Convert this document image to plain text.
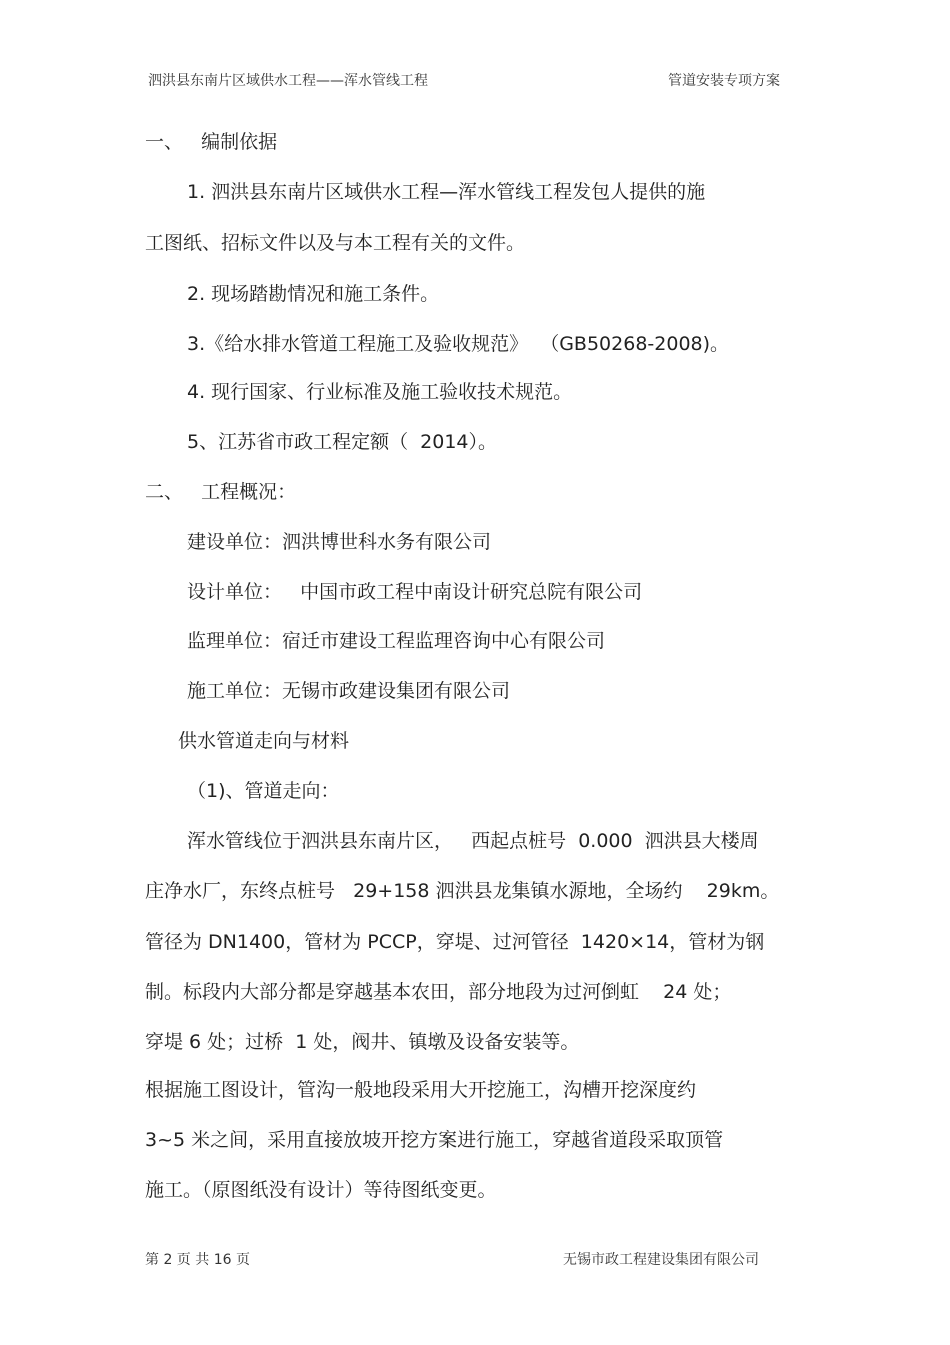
泗洪县东南片区域供水工程——浑水管线工程	管道安装专项方案
一、   编制依据
1. 泗洪县东南片区域供水工程—浑水管线工程发包人提供的施
工图纸、招标文件以及与本工程有关的文件。
2. 现场踏勘情况和施工条件。
3.《给水排水管道工程施工及验收规范》  （GB50268-2008)。
4. 现行国家、行业标准及施工验收技术规范。
5、江苏省市政工程定额（  2014）。
二、   工程概况：
建设单位：泗洪博世科水务有限公司
设计单位：   中国市政工程中南设计研究总院有限公司
监理单位：宿迁市建设工程监理咨询中心有限公司
施工单位：无锡市政建设集团有限公司
供水管道走向与材料
（1)、管道走向：
浑水管线位于泗洪县东南片区，   西起点桩号  0.000  泗洪县大楼周
庄净水厂，东终点桩号   29+158 泗洪县龙集镇水源地，全场约    29km。
管径为 DN1400，管材为 PCCP，穿堤、过河管径  1420×14，管材为钢
制。标段内大部分都是穿越基本农田，部分地段为过河倒虹    24 处；
穿堤 6 处；过桥  1 处，阀井、镇墩及设备安装等。
根据施工图设计，管沟一般地段采用大开挖施工，沟槽开挖深度约
3~5 米之间，采用直接放坡开挖方案进行施工，穿越省道段采取顶管
施工。（原图纸没有设计）等待图纸变更。
第 2 页 共 16 页	无锡市政工程建设集团有限公司
